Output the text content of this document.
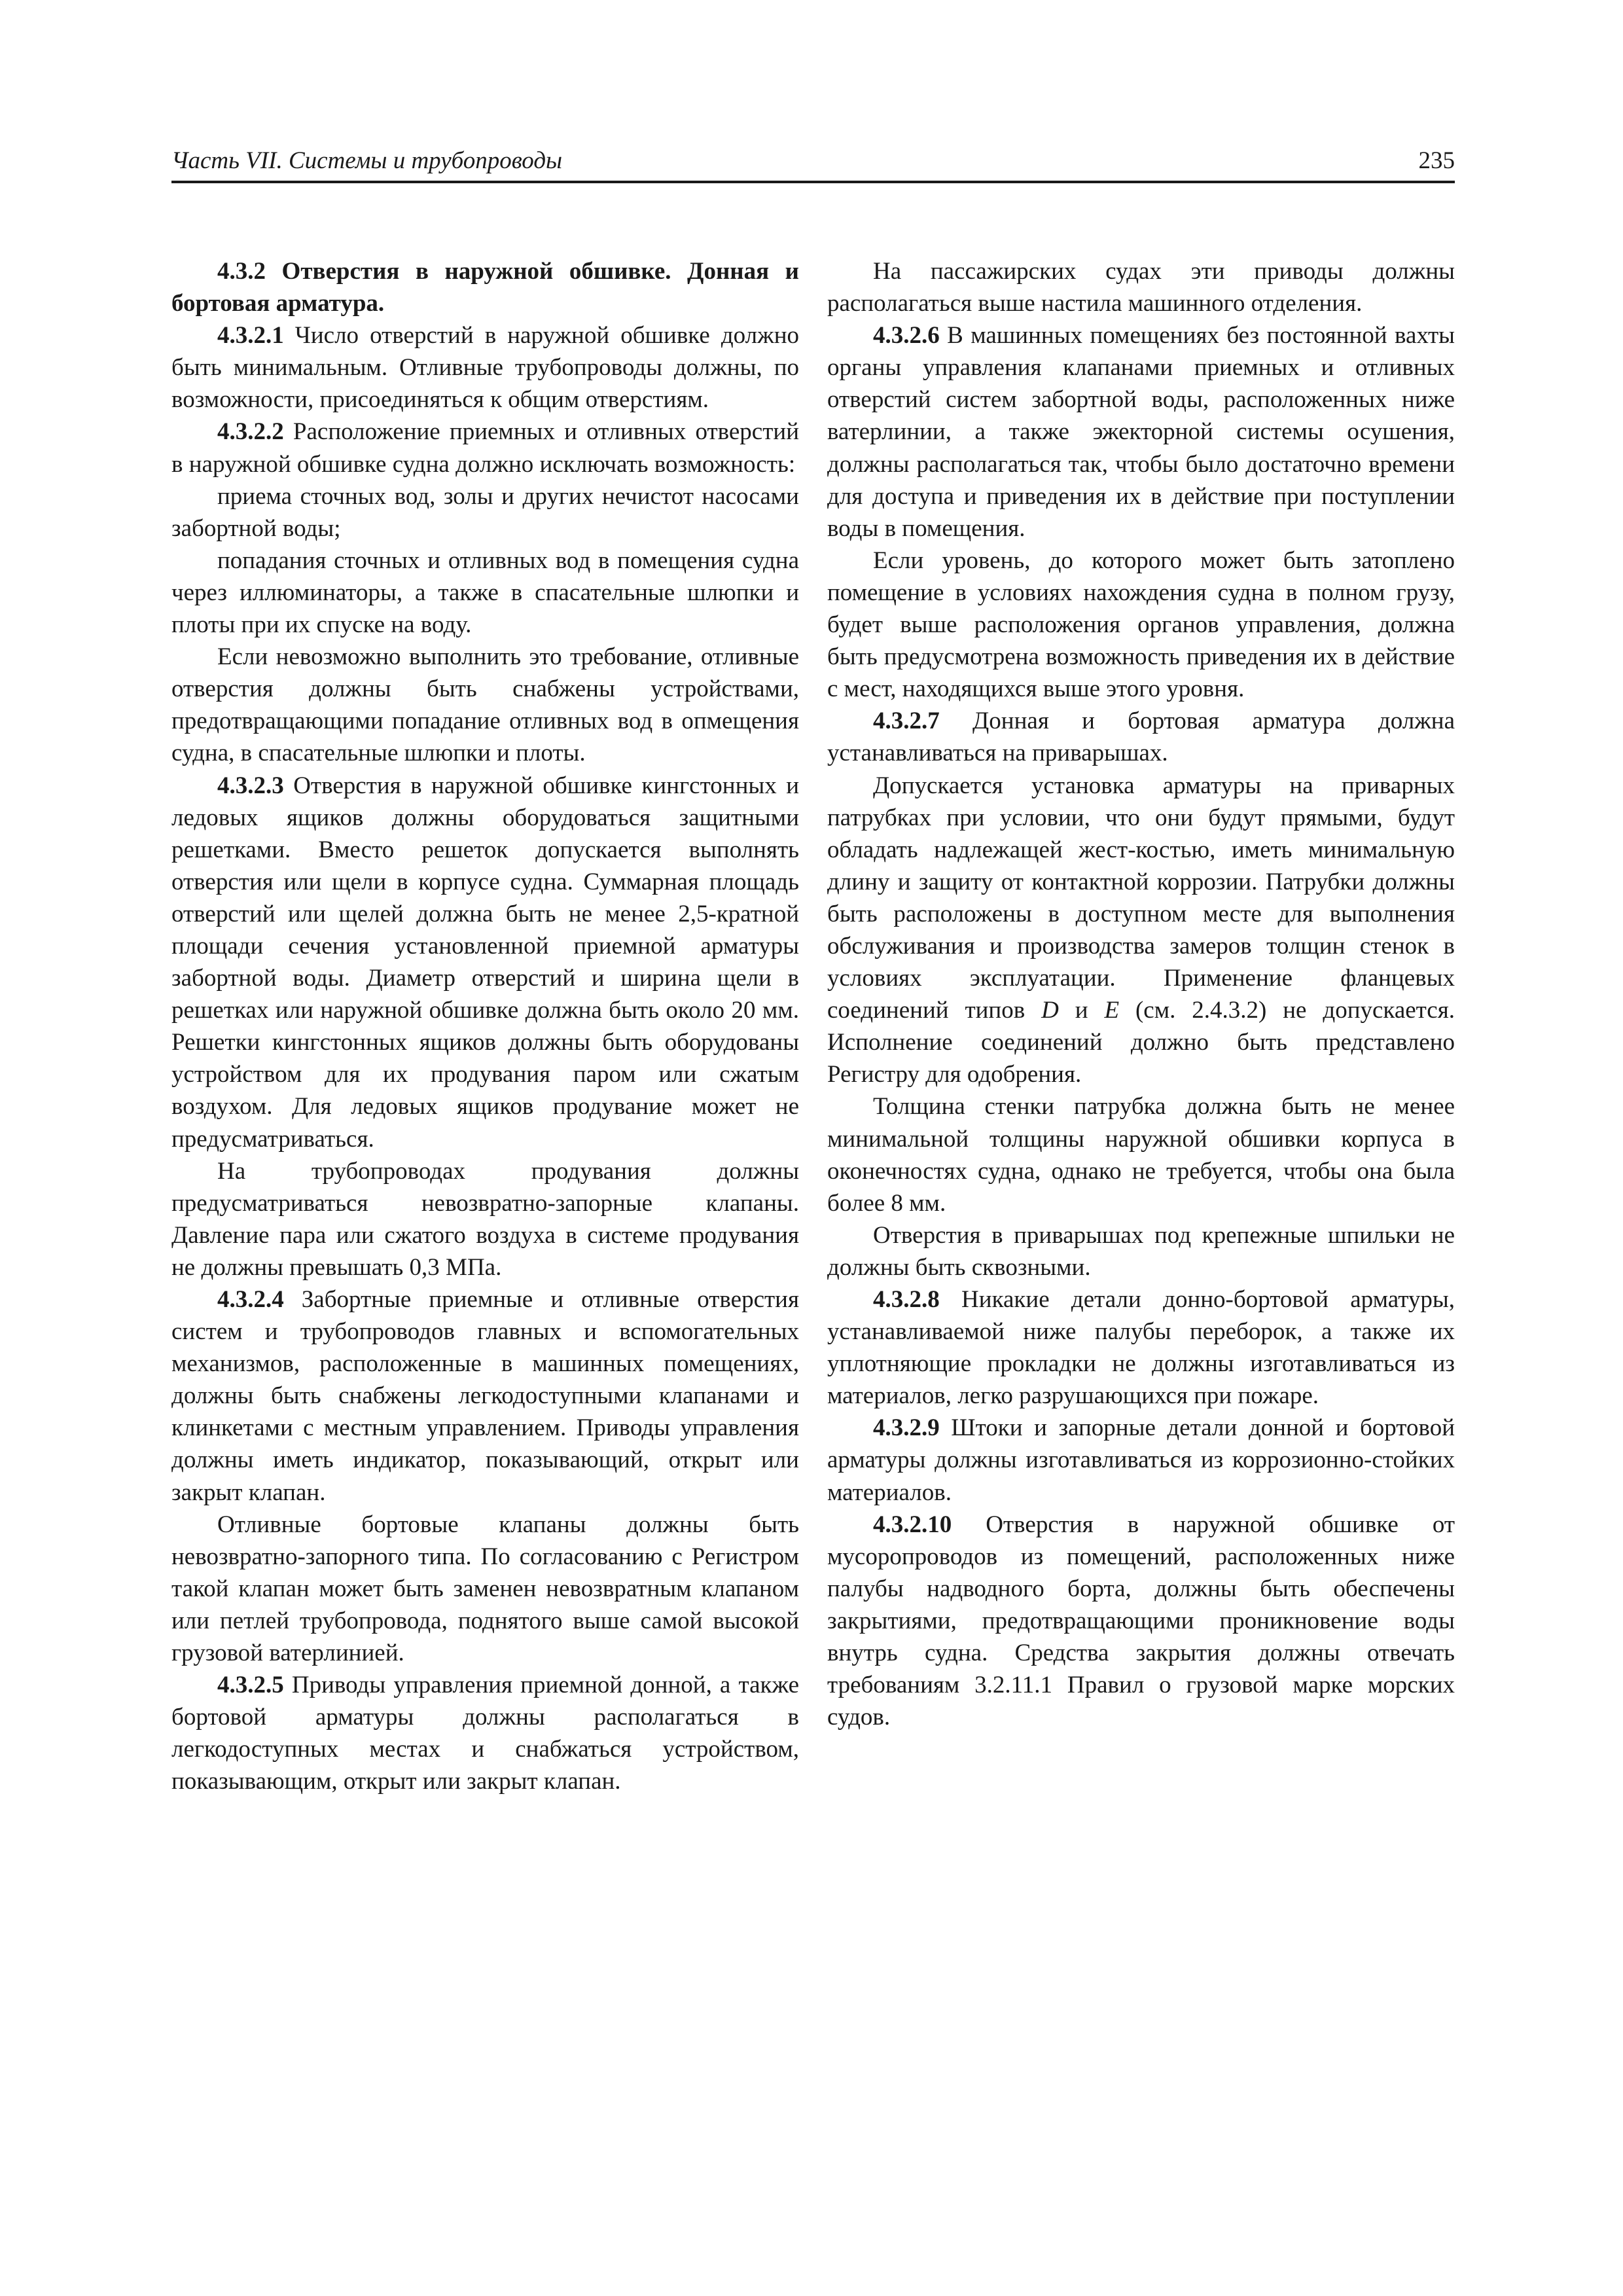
Часть VII. Системы и трубопроводы	235

4.3.2 Отверстия в наружной обшивке. Донная и бортовая арматура.

4.3.2.1 Число отверстий в наружной обшивке должно быть минимальным. Отливные трубопроводы должны, по возможности, присоединяться к общим отверстиям.

4.3.2.2 Расположение приемных и отливных отверстий в наружной обшивке судна должно исключать возможность:

приема сточных вод, золы и других нечистот насосами забортной воды;

попадания сточных и отливных вод в помещения судна через иллюминаторы, а также в спасательные шлюпки и плоты при их спуске на воду.

Если невозможно выполнить это требование, отливные отверстия должны быть снабжены устройствами, предотвращающими попадание отливных вод в опмещения судна, в спасательные шлюпки и плоты.

4.3.2.3 Отверстия в наружной обшивке кингстонных и ледовых ящиков должны оборудоваться защитными решетками. Вместо решеток допускается выполнять отверстия или щели в корпусе судна. Суммарная площадь отверстий или щелей должна быть не менее 2,5-кратной площади сечения установленной приемной арматуры забортной воды. Диаметр отверстий и ширина щели в решетках или наружной обшивке должна быть около 20 мм. Решетки кингстонных ящиков должны быть оборудованы устройством для их продувания паром или сжатым воздухом. Для ледовых ящиков продувание может не предусматриваться.

На трубопроводах продувания должны предусматриваться невозвратно-запорные клапаны. Давление пара или сжатого воздуха в системе продувания не должны превышать 0,3 МПа.

4.3.2.4 Забортные приемные и отливные отверстия систем и трубопроводов главных и вспомогательных механизмов, расположенные в машинных помещениях, должны быть снабжены легкодоступными клапанами и клинкетами с местным управлением. Приводы управления должны иметь индикатор, показывающий, открыт или закрыт клапан.

Отливные бортовые клапаны должны быть невозвратно-запорного типа. По согласованию с Регистром такой клапан может быть заменен невозвратным клапаном или петлей трубопровода, поднятого выше самой высокой грузовой ватерлинией.

4.3.2.5 Приводы управления приемной донной, а также бортовой арматуры должны располагаться в легкодоступных местах и снабжаться устройством, показывающим, открыт или закрыт клапан.

На пассажирских судах эти приводы должны располагаться выше настила машинного отделения.

4.3.2.6 В машинных помещениях без постоянной вахты органы управления клапанами приемных и отливных отверстий систем забортной воды, расположенных ниже ватерлинии, а также эжекторной системы осушения, должны располагаться так, чтобы было достаточно времени для доступа и приведения их в действие при поступлении воды в помещения.

Если уровень, до которого может быть затоплено помещение в условиях нахождения судна в полном грузу, будет выше расположения органов управления, должна быть предусмотрена возможность приведения их в действие с мест, находящихся выше этого уровня.

4.3.2.7 Донная и бортовая арматура должна устанавливаться на приварышах.

Допускается установка арматуры на приварных патрубках при условии, что они будут прямыми, будут обладать надлежащей жест-костью, иметь минимальную длину и защиту от контактной коррозии. Патрубки должны быть расположены в доступном месте для выполнения обслуживания и производства замеров толщин стенок в условиях эксплуатации. Применение фланцевых соединений типов D и E (см. 2.4.3.2) не допускается. Исполнение соединений должно быть представлено Регистру для одобрения.

Толщина стенки патрубка должна быть не менее минимальной толщины наружной обшивки корпуса в оконечностях судна, однако не требуется, чтобы она была более 8 мм.

Отверстия в приварышах под крепежные шпильки не должны быть сквозными.

4.3.2.8 Никакие детали донно-бортовой арматуры, устанавливаемой ниже палубы переборок, а также их уплотняющие прокладки не должны изготавливаться из материалов, легко разрушающихся при пожаре.

4.3.2.9 Штоки и запорные детали донной и бортовой арматуры должны изготавливаться из коррозионно-стойких материалов.

4.3.2.10 Отверстия в наружной обшивке от мусоропроводов из помещений, расположенных ниже палубы надводного борта, должны быть обеспечены закрытиями, предотвращающими проникновение воды внутрь судна. Средства закрытия должны отвечать требованиям 3.2.11.1 Правил о грузовой марке морских судов.
